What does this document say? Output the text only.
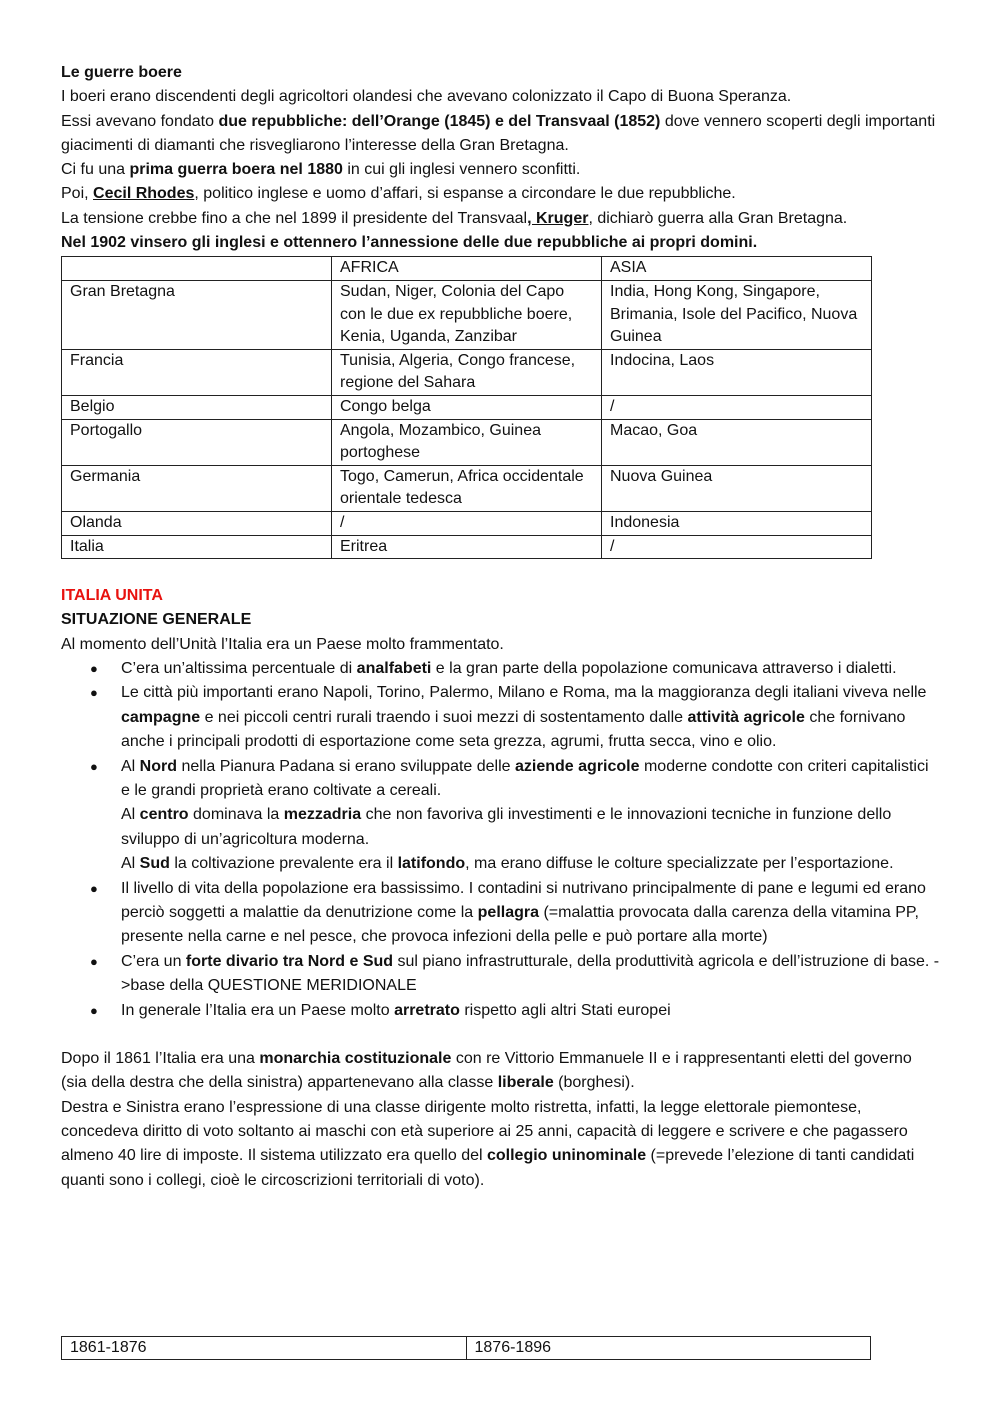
Le guerre boere

I boeri erano discendenti degli agricoltori olandesi che avevano colonizzato il Capo di Buona Speranza.

Essi avevano fondato due repubbliche: dell’Orange (1845) e del Transvaal (1852) dove vennero scoperti degli importanti giacimenti di diamanti che risvegliarono l’interesse della Gran Bretagna.

Ci fu una prima guerra boera nel 1880 in cui gli inglesi vennero sconfitti.

Poi, Cecil Rhodes, politico inglese e uomo d’affari, si espanse a circondare le due repubbliche.

La tensione crebbe fino a che nel 1899 il presidente del Transvaal, Kruger, dichiarò guerra alla Gran Bretagna.

Nel 1902 vinsero gli inglesi e ottennero l’annessione delle due repubbliche ai propri domini.

	AFRICA	ASIA
Gran Bretagna	Sudan, Niger, Colonia del Capo con le due ex repubbliche boere, Kenia, Uganda, Zanzibar	India, Hong Kong, Singapore, Brimania, Isole del Pacifico, Nuova Guinea
Francia	Tunisia, Algeria, Congo francese, regione del Sahara	Indocina, Laos
Belgio	Congo belga	/
Portogallo	Angola, Mozambico, Guinea portoghese	Macao, Goa
Germania	Togo, Camerun, Africa occidentale orientale tedesca	Nuova Guinea
Olanda	/	Indonesia
Italia	Eritrea	/

ITALIA UNITA

SITUAZIONE GENERALE

Al momento dell’Unità l’Italia era un Paese molto frammentato.

● C’era un’altissima percentuale di analfabeti e la gran parte della popolazione comunicava attraverso i dialetti.
● Le città più importanti erano Napoli, Torino, Palermo, Milano e Roma, ma la maggioranza degli italiani viveva nelle campagne e nei piccoli centri rurali traendo i suoi mezzi di sostentamento dalle attività agricole che fornivano anche i principali prodotti di esportazione come seta grezza, agrumi, frutta secca, vino e olio.
● Al Nord nella Pianura Padana si erano sviluppate delle aziende agricole moderne condotte con criteri capitalistici e le grandi proprietà erano coltivate a cereali.
Al centro dominava la mezzadria che non favoriva gli investimenti e le innovazioni tecniche in funzione dello sviluppo di un’agricoltura moderna.
Al Sud la coltivazione prevalente era il latifondo, ma erano diffuse le colture specializzate per l’esportazione.
● Il livello di vita della popolazione era bassissimo. I contadini si nutrivano principalmente di pane e legumi ed erano perciò soggetti a malattie da denutrizione come la pellagra (=malattia provocata dalla carenza della vitamina PP, presente nella carne e nel pesce, che provoca infezioni della pelle e può portare alla morte)
● C’era un forte divario tra Nord e Sud sul piano infrastrutturale, della produttività agricola e dell’istruzione di base. ->base della QUESTIONE MERIDIONALE
● In generale l’Italia era un Paese molto arretrato rispetto agli altri Stati europei

Dopo il 1861 l’Italia era una monarchia costituzionale con re Vittorio Emmanuele II e i rappresentanti eletti del governo (sia della destra che della sinistra) appartenevano alla classe liberale (borghesi).

Destra e Sinistra erano l’espressione di una classe dirigente molto ristretta, infatti, la legge elettorale piemontese, concedeva diritto di voto soltanto ai maschi con età superiore ai 25 anni, capacità di leggere e scrivere e che pagassero almeno 40 lire di imposte. Il sistema utilizzato era quello del collegio uninominale (=prevede l’elezione di tanti candidati quanti sono i collegi, cioè le circoscrizioni territoriali di voto).

1861-1876	1876-1896
